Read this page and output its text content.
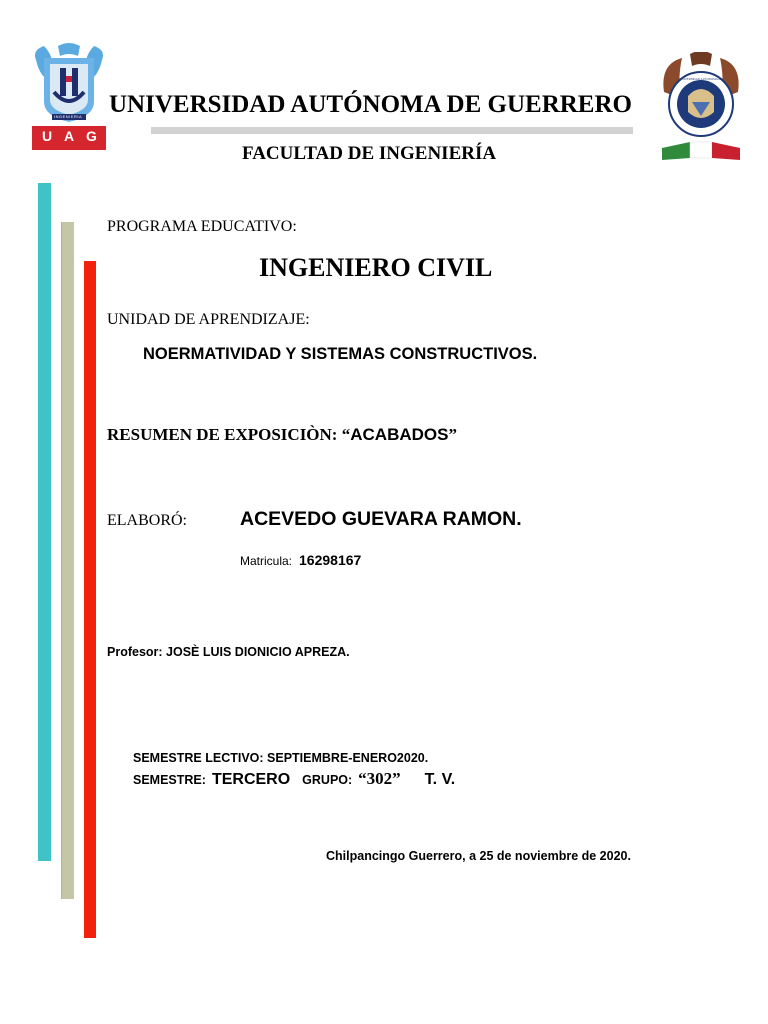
INGENIERIA
U A G
UNIVERSIDAD AUTONOMA DE GUERRERO
UNIVERSIDAD AUTÓNOMA DE GUERRERO
FACULTAD DE INGENIERÍA
PROGRAMA EDUCATIVO:
INGENIERO CIVIL
UNIDAD DE APRENDIZAJE:
NOERMATIVIDAD Y SISTEMAS CONSTRUCTIVOS.
RESUMEN DE EXPOSICIÒN: “ACABADOS”
ELABORÓ:	ACEVEDO GUEVARA RAMON.
Matricula: 16298167
Profesor: JOSÈ LUIS DIONICIO APREZA.
SEMESTRE LECTIVO: SEPTIEMBRE-ENERO2020.
SEMESTRE: TERCERO GRUPO: “302” T. V.
Chilpancingo Guerrero, a 25 de noviembre de 2020.
